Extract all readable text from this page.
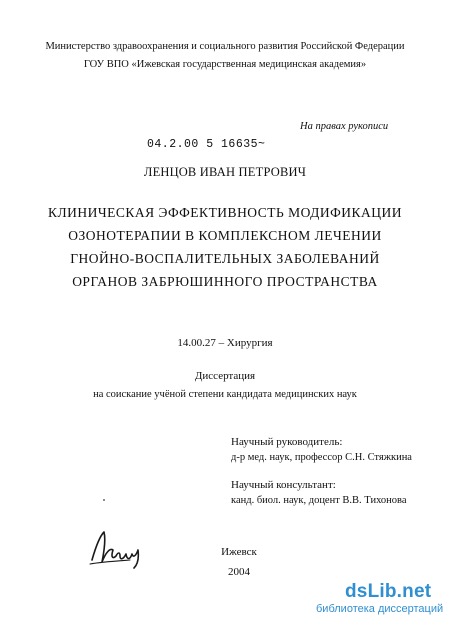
Министерство здравоохранения и социального развития Российской Федерации
ГОУ ВПО «Ижевская государственная медицинская академия»
На правах рукописи
04.2.00 5 16635~
ЛЕНЦОВ ИВАН ПЕТРОВИЧ
КЛИНИЧЕСКАЯ ЭФФЕКТИВНОСТЬ МОДИФИКАЦИИ
ОЗОНОТЕРАПИИ В КОМПЛЕКСНОМ ЛЕЧЕНИИ
ГНОЙНО-ВОСПАЛИТЕЛЬНЫХ ЗАБОЛЕВАНИЙ
ОРГАНОВ ЗАБРЮШИННОГО ПРОСТРАНСТВА
14.00.27 – Хирургия
Диссертация
на соискание учёной степени кандидата медицинских наук
Научный руководитель:
д-р мед. наук, профессор С.Н. Стяжкина
Научный консультант:
канд. биол. наук, доцент В.В. Тихонова
Ижевск
2004
dsLib.net
библиотека диссертаций
